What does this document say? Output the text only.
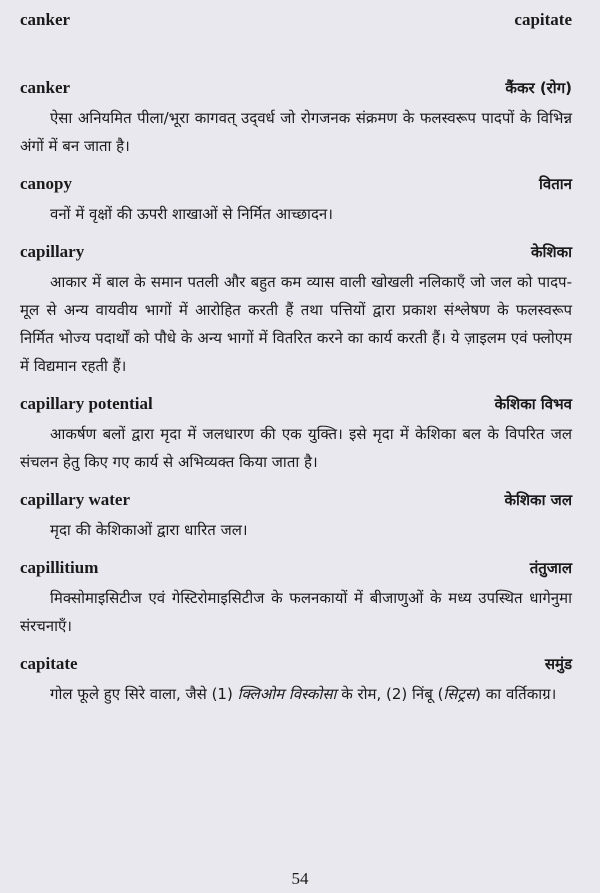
canker	capitate
canker	कैंकर (रोग)

ऐसा अनियमित पीला/भूरा कागवत् उद्‌वर्ध जो रोगजनक संक्रमण के फलस्वरूप पादपों के विभिन्न अंगों में बन जाता है।

canopy	वितान

वनों में वृक्षों की ऊपरी शाखाओं से निर्मित आच्छादन।

capillary	केशिका

आकार में बाल के समान पतली और बहुत कम व्यास वाली खोखली नलिकाएँ जो जल को पादप-मूल से अन्य वायवीय भागों में आरोहित करती हैं तथा पत्तियों द्वारा प्रकाश संश्लेषण के फलस्वरूप निर्मित भोज्य पदार्थों को पौधे के अन्य भागों में वितरित करने का कार्य करती हैं। ये ज़ाइलम एवं फ्लोएम में विद्यमान रहती हैं।

capillary potential	केशिका विभव

आकर्षण बलों द्वारा मृदा में जलधारण की एक युक्ति। इसे मृदा में केशिका बल के विपरित जल संचलन हेतु किए गए कार्य से अभिव्यक्त किया जाता है।

capillary water	केशिका जल

मृदा की केशिकाओं द्वारा धारित जल।

capillitium	तंतुजाल

मिक्सोमाइसिटीज एवं गेस्टिरोमाइसिटीज के फलनकायों में बीजाणुओं के मध्य उपस्थित धागेनुमा संरचनाएँ।

capitate	समुंड

गोल फूले हुए सिरे वाला, जैसे (1) क्लिओम विस्कोसा के रोम, (2) निंबू (सिट्रस) का वर्तिकाग्र।

54
